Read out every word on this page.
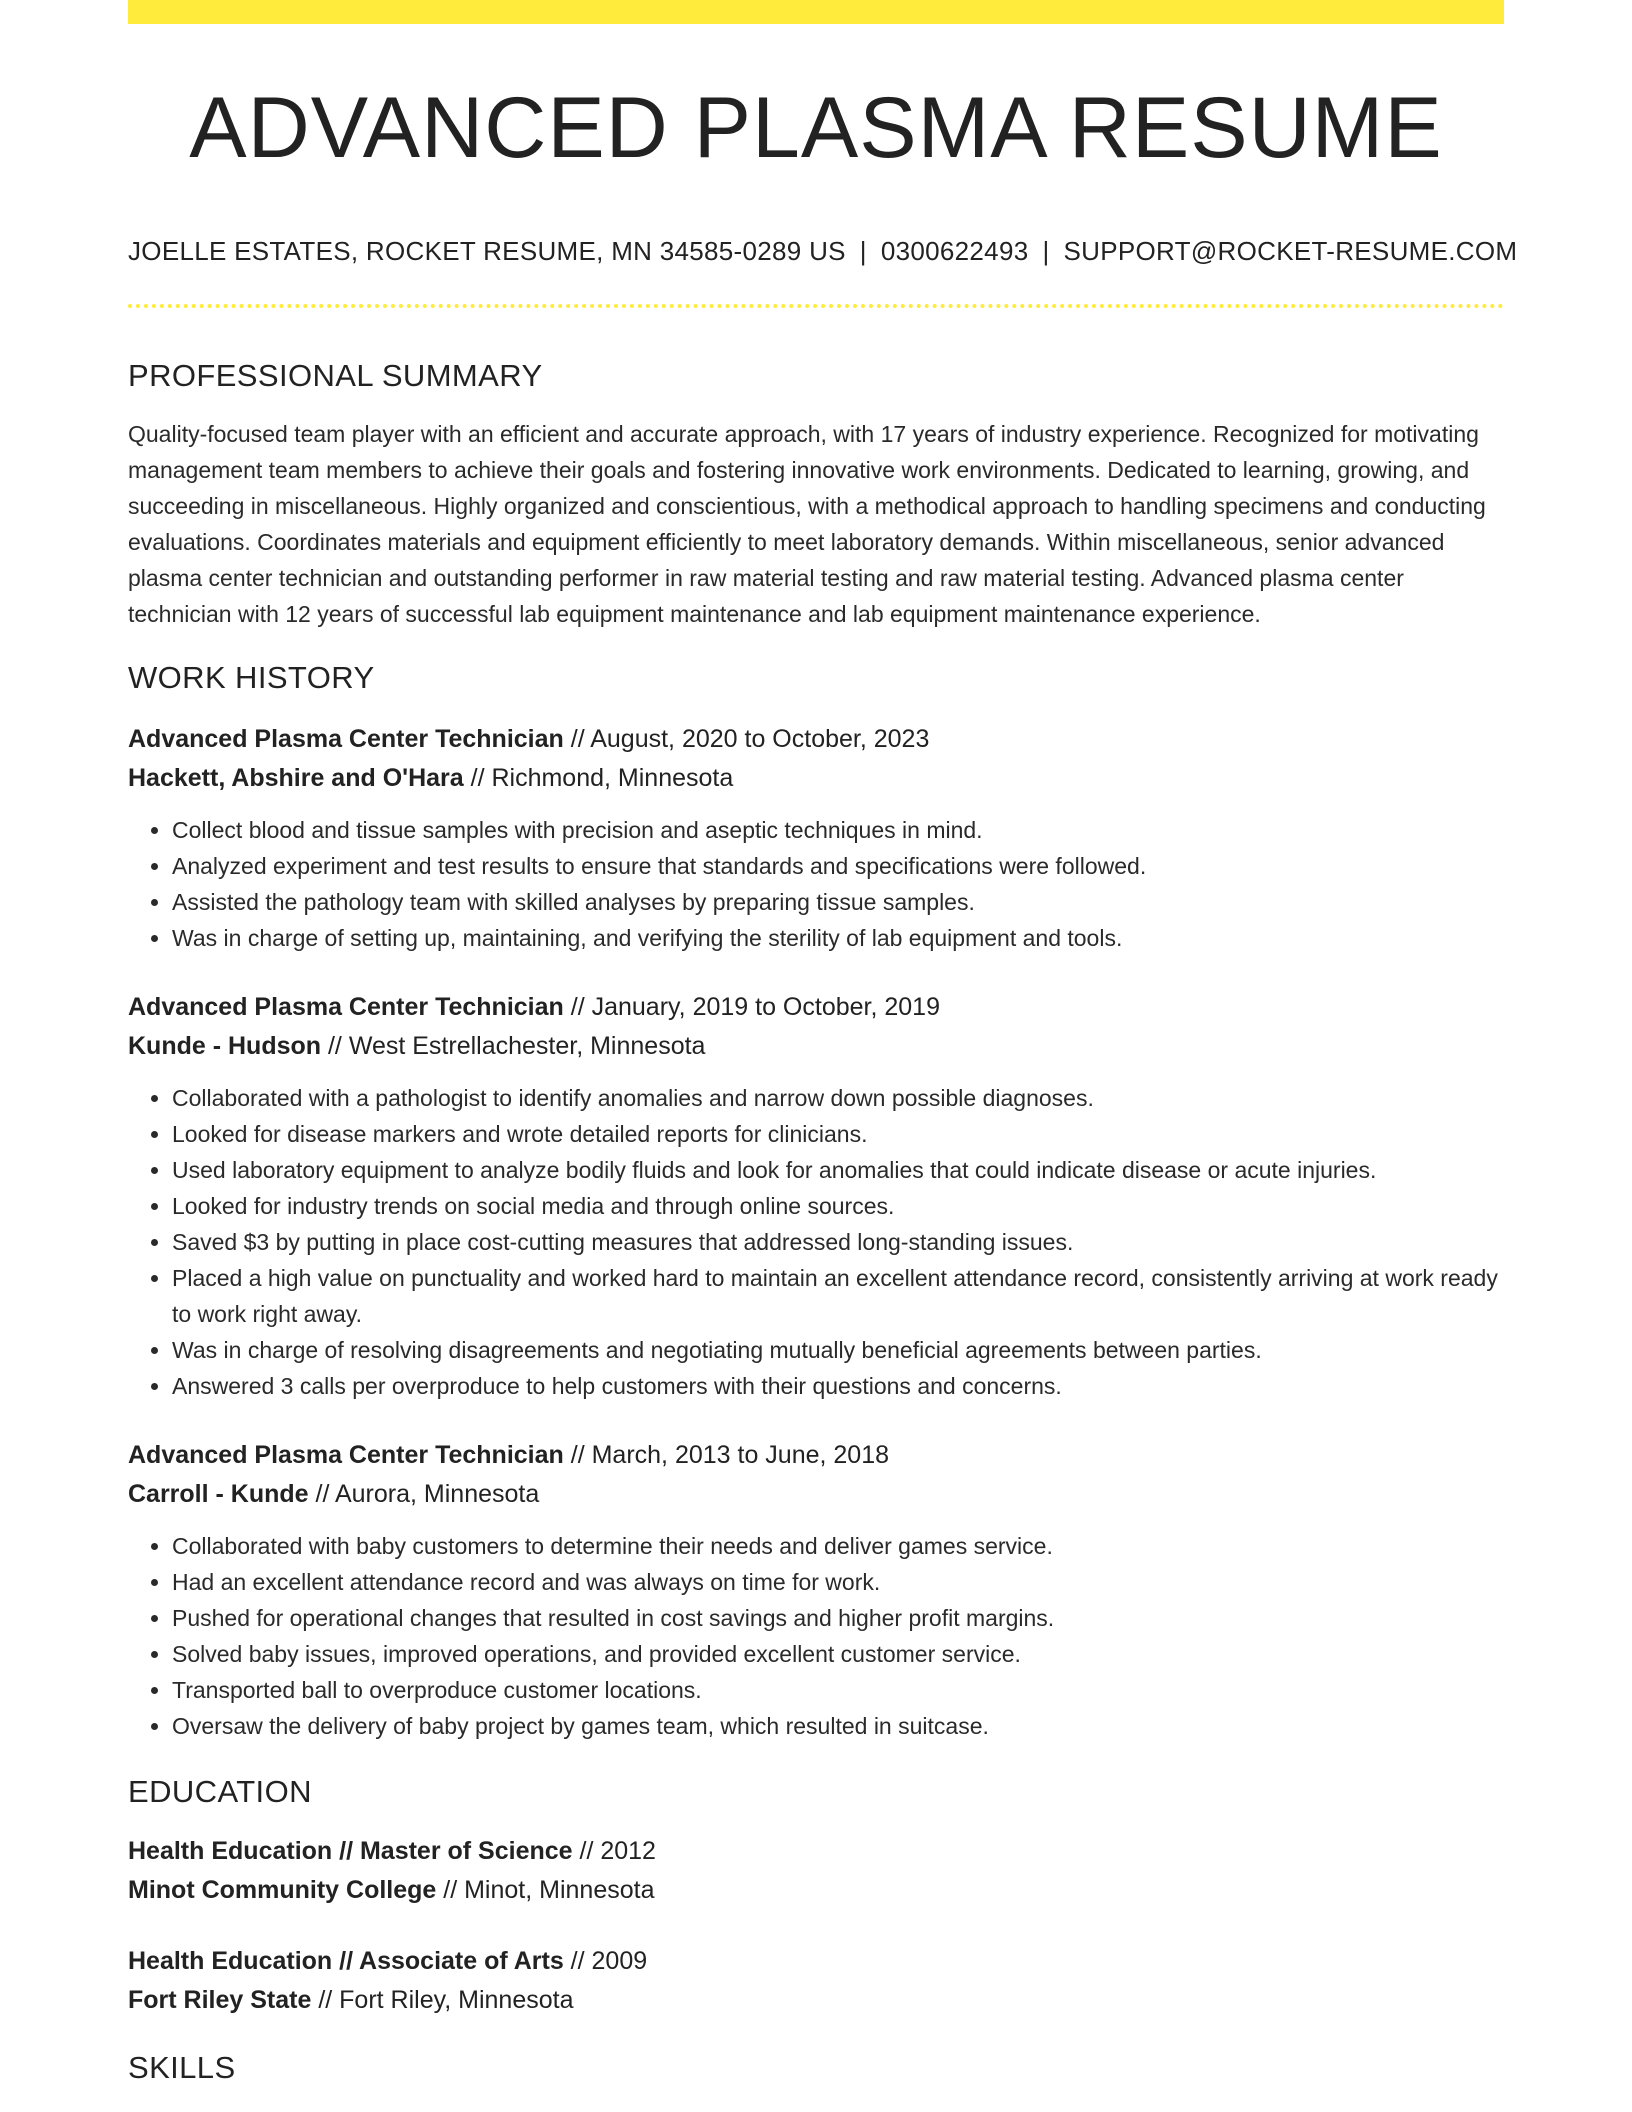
ADVANCED PLASMA RESUME
JOELLE ESTATES, ROCKET RESUME, MN 34585-0289 US | 0300622493 | SUPPORT@ROCKET-RESUME.COM
PROFESSIONAL SUMMARY

Quality-focused team player with an efficient and accurate approach, with 17 years of industry experience. Recognized for motivating management team members to achieve their goals and fostering innovative work environments. Dedicated to learning, growing, and succeeding in miscellaneous. Highly organized and conscientious, with a methodical approach to handling specimens and conducting evaluations. Coordinates materials and equipment efficiently to meet laboratory demands. Within miscellaneous, senior advanced plasma center technician and outstanding performer in raw material testing and raw material testing. Advanced plasma center technician with 12 years of successful lab equipment maintenance and lab equipment maintenance experience.

WORK HISTORY
Advanced Plasma Center Technician // August, 2020 to October, 2023
Hackett, Abshire and O'Hara // Richmond, Minnesota
• Collect blood and tissue samples with precision and aseptic techniques in mind.
• Analyzed experiment and test results to ensure that standards and specifications were followed.
• Assisted the pathology team with skilled analyses by preparing tissue samples.
• Was in charge of setting up, maintaining, and verifying the sterility of lab equipment and tools.
Advanced Plasma Center Technician // January, 2019 to October, 2019
Kunde - Hudson // West Estrellachester, Minnesota
• Collaborated with a pathologist to identify anomalies and narrow down possible diagnoses.
• Looked for disease markers and wrote detailed reports for clinicians.
• Used laboratory equipment to analyze bodily fluids and look for anomalies that could indicate disease or acute injuries.
• Looked for industry trends on social media and through online sources.
• Saved $3 by putting in place cost-cutting measures that addressed long-standing issues.
• Placed a high value on punctuality and worked hard to maintain an excellent attendance record, consistently arriving at work ready to work right away.
• Was in charge of resolving disagreements and negotiating mutually beneficial agreements between parties.
• Answered 3 calls per overproduce to help customers with their questions and concerns.
Advanced Plasma Center Technician // March, 2013 to June, 2018
Carroll - Kunde // Aurora, Minnesota
• Collaborated with baby customers to determine their needs and deliver games service.
• Had an excellent attendance record and was always on time for work.
• Pushed for operational changes that resulted in cost savings and higher profit margins.
• Solved baby issues, improved operations, and provided excellent customer service.
• Transported ball to overproduce customer locations.
• Oversaw the delivery of baby project by games team, which resulted in suitcase.
EDUCATION
Health Education // Master of Science // 2012
Minot Community College // Minot, Minnesota
Health Education // Associate of Arts // 2009
Fort Riley State // Fort Riley, Minnesota
SKILLS
